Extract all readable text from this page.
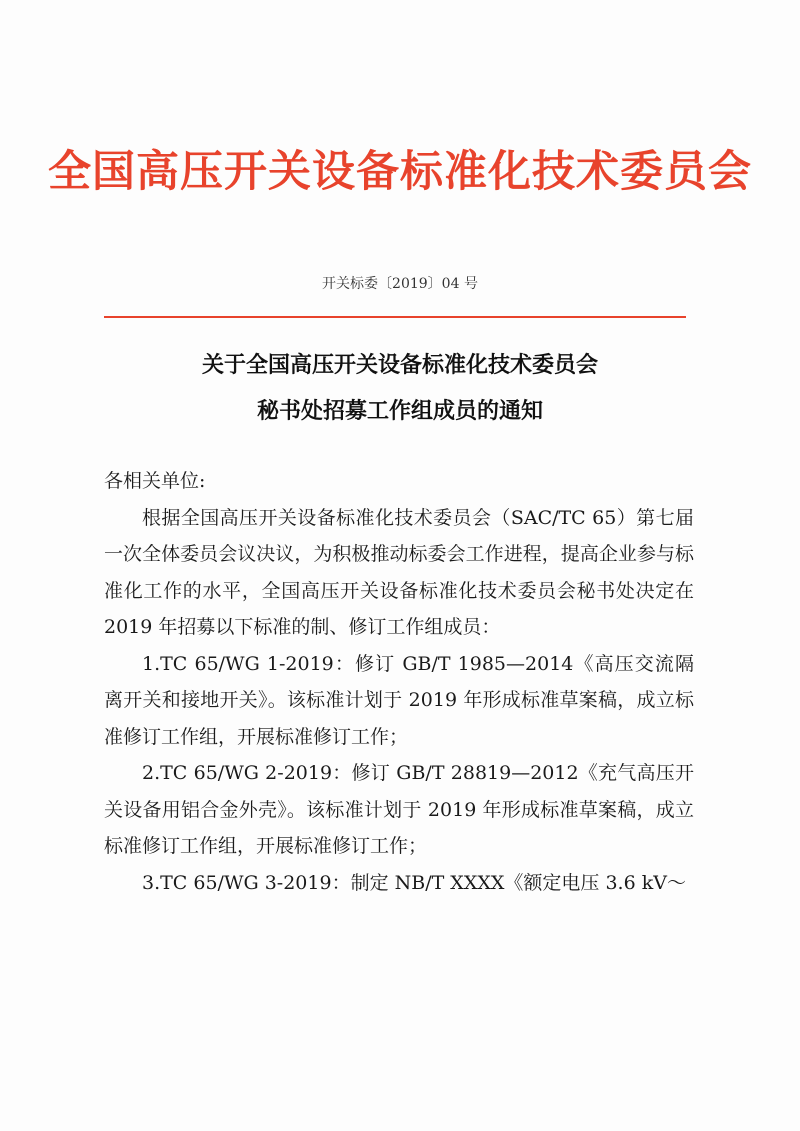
全国高压开关设备标准化技术委员会
开关标委〔2019〕04 号
关于全国高压开关设备标准化技术委员会
秘书处招募工作组成员的通知

各相关单位:

根据全国高压开关设备标准化技术委员会（SAC/TC 65）第七届一次全体委员会议决议，为积极推动标委会工作进程，提高企业参与标准化工作的水平，全国高压开关设备标准化技术委员会秘书处决定在 2019 年招募以下标准的制、修订工作组成员：

1.TC 65/WG 1-2019：修订 GB/T 1985—2014《高压交流隔离开关和接地开关》。该标准计划于 2019 年形成标准草案稿，成立标准修订工作组，开展标准修订工作；

2.TC 65/WG 2-2019：修订 GB/T 28819—2012《充气高压开关设备用铝合金外壳》。该标准计划于 2019 年形成标准草案稿，成立标准修订工作组，开展标准修订工作；

3.TC 65/WG 3-2019：制定 NB/T XXXX《额定电压 3.6 kV～
